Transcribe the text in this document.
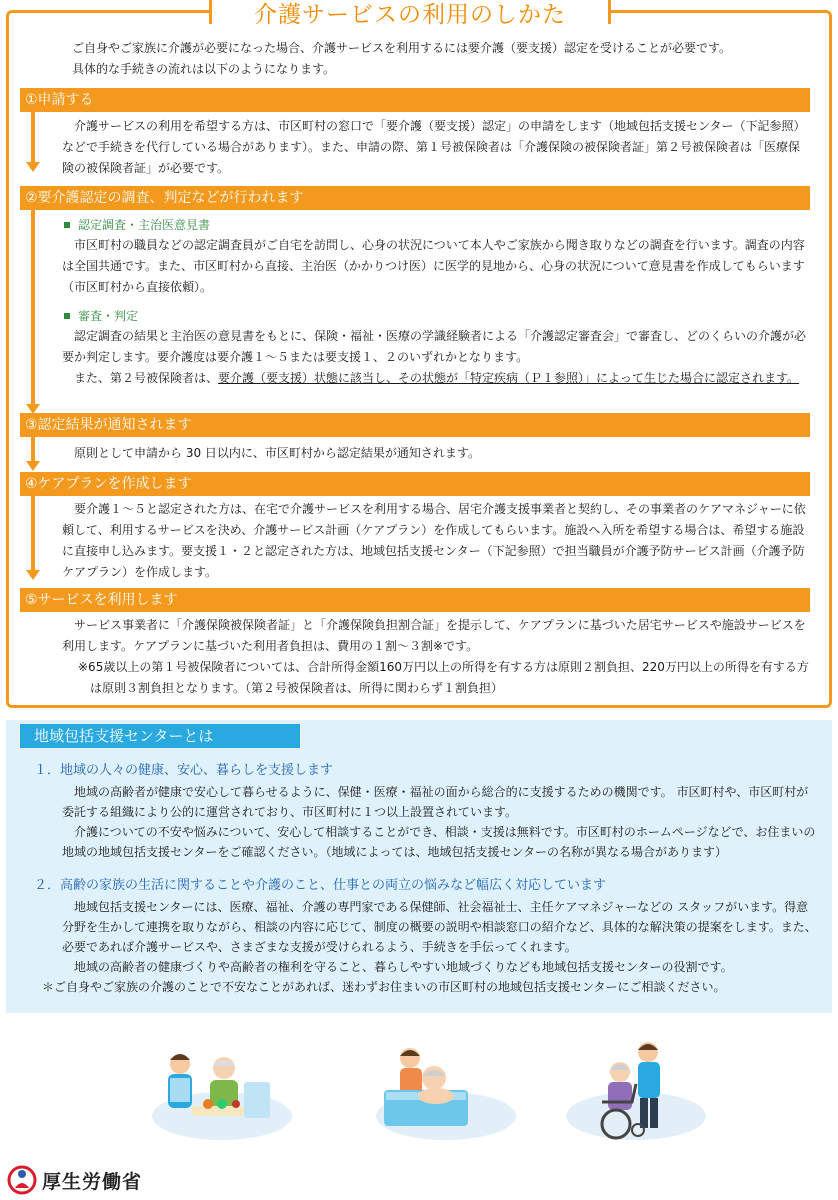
介護サービスの利用のしかた

ご自身やご家族に介護が必要になった場合、介護サービスを利用するには要介護（要支援）認定を受けることが必要です。

具体的な手続きの流れは以下のようになります。

①申請する

介護サービスの利用を希望する方は、市区町村の窓口で「要介護（要支援）認定」の申請をします（地域包括支援センター（下記参照）などで手続きを代行している場合があります）。また、申請の際、第１号被保険者は「介護保険の被保険者証」第２号被保険者は「医療保険の被保険者証」が必要です。

②要介護認定の調査、判定などが行われます
認定調査・主治医意見書

市区町村の職員などの認定調査員がご自宅を訪問し、心身の状況について本人やご家族から聞き取りなどの調査を行います。調査の内容は全国共通です。また、市区町村から直接、主治医（かかりつけ医）に医学的見地から、心身の状況について意見書を作成してもらいます（市区町村から直接依頼）。

審査・判定

認定調査の結果と主治医の意見書をもとに、保険・福祉・医療の学識経験者による「介護認定審査会」で審査し、どのくらいの介護が必要か判定します。要介護度は要介護１～５または要支援１、２のいずれかとなります。

また、第２号被保険者は、要介護（要支援）状態に該当し、その状態が「特定疾病（Ｐ１参照）」によって生じた場合に認定されます。

③認定結果が通知されます

原則として申請から 30 日以内に、市区町村から認定結果が通知されます。

④ケアプランを作成します

要介護１～５と認定された方は、在宅で介護サービスを利用する場合、居宅介護支援事業者と契約し、その事業者のケアマネジャーに依頼して、利用するサービスを決め、介護サービス計画（ケアプラン）を作成してもらいます。施設へ入所を希望する場合は、希望する施設に直接申し込みます。要支援１・２と認定された方は、地域包括支援センター（下記参照）で担当職員が介護予防サービス計画（介護予防ケアプラン）を作成します。

⑤サービスを利用します

サービス事業者に「介護保険被保険者証」と「介護保険負担割合証」を提示して、ケアプランに基づいた居宅サービスや施設サービスを利用します。ケアプランに基づいた利用者負担は、費用の１割～３割※です。

※65歳以上の第１号被保険者については、合計所得金額160万円以上の所得を有する方は原則２割負担、220万円以上の所得を有する方は原則３割負担となります。（第２号被保険者は、所得に関わらず１割負担）

地域包括支援センターとは
１．地域の人々の健康、安心、暮らしを支援します

地域の高齢者が健康で安心して暮らせるように、保健・医療・福祉の面から総合的に支援するための機関です。 市区町村や、市区町村が委託する組織により公的に運営されており、市区町村に１つ以上設置されています。

介護についての不安や悩みについて、安心して相談することができ、相談・支援は無料です。市区町村のホームページなどで、お住まいの地域の地域包括支援センターをご確認ください。（地域によっては、地域包括支援センターの名称が異なる場合があります）

２．高齢の家族の生活に関することや介護のこと、仕事との両立の悩みなど幅広く対応しています

地域包括支援センターには、医療、福祉、介護の専門家である保健師、社会福祉士、主任ケアマネジャーなどの スタッフがいます。得意分野を生かして連携を取りながら、相談の内容に応じて、制度の概要の説明や相談窓口の紹介など、具体的な解決策の提案をします。また、必要であれば介護サービスや、さまざまな支援が受けられるよう、手続きを手伝ってくれます。

地域の高齢者の健康づくりや高齢者の権利を守ること、暮らしやすい地域づくりなども地域包括支援センターの役割です。

＊ご自身やご家族の介護のことで不安なことがあれば、迷わずお住まいの市区町村の地域包括支援センターにご相談ください。

厚生労働省
